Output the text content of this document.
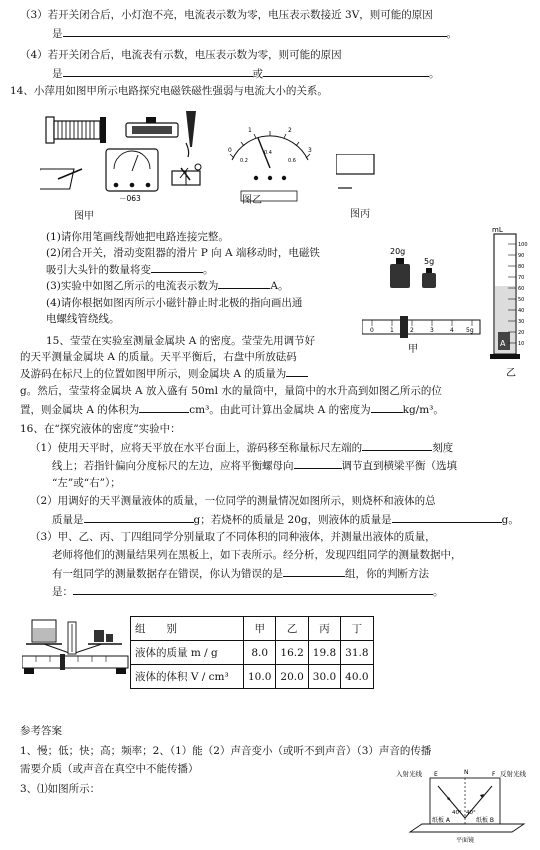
（3）若开关闭合后，小灯泡不亮，电流表示数为零，电压表示数接近 3V，则可能的原因
是	。
（4）若开关闭合后，电流表有示数，电压表示数为零，则可能的原因
是	或	。
14、小萍用如图甲所示电路探究电磁铁磁性强弱与电流大小的关系。
－063
图甲
0
1	2
3
0.2
0.4
0.6
图乙
图丙
(1)请你用笔画线帮她把电路连接完整。
(2)闭合开关，滑动变阻器的滑片 P 向 A 端移动时，电磁铁
吸引大头针的数量将变	。
(3)实验中如图乙所示的电流表示数为	A。
(4)请你根据如图丙所示小磁针静止时北极的指向画出通
电螺线管绕线。
20g
5g
0	1	2	3	4 5g
甲
mL
A
100
90
80
70
60
50
40
30
20
10
乙
15、莹莹在实验室测量金属块 A 的密度。莹莹先用调节好
的天平测量金属块 A 的质量。天平平衡后，右盘中所放砝码
及游码在标尺上的位置如图甲所示，则金属块 A 的质量为
g。然后，莹莹将金属块 A 放入盛有 50ml 水的量筒中，量筒中的水升高到如图乙所示的位
置，则金属块 A 的体积为	cm³。由此可计算出金属块 A 的密度为	kg/m³。
16、在“探究液体的密度”实验中：
（1）使用天平时，应将天平放在水平台面上，游码移至称量标尺左端的	刻度
线上；若指针偏向分度标尺的左边，应将平衡螺母向	调节直到横梁平衡（选填
“左”或“右”）；
（2）用调好的天平测量液体的质量，一位同学的测量情况如图所示，则烧杯和液体的总
质量是	g；若烧杯的质量是 20g，则液体的质量是	g。
（3）甲、乙、丙、丁四组同学分别量取了不同体积的同种液体，并测量出液体的质量，
老师将他们的测量结果列在黑板上，如下表所示。经分析，发现四组同学的测量数据中，
有一组同学的测量数据存在错误，你认为错误的是	组，你的判断方法
是：	。
组　　别	甲	乙	丙	丁
液体的质量 m / g	8.0	16.2	19.8	31.8
液体的体积 V / cm³	10.0	20.0	30.0	40.0
参考答案
1、慢；低；快；高；频率；2、（1）能（2）声音变小（或听不到声音）（3）声音的传播
需要介质（或声音在真空中不能传播）
3、⑴如图所示：
入射光线	反射光线
E	N	F
40° 40°
纸板 A	纸板 B
平面镜
